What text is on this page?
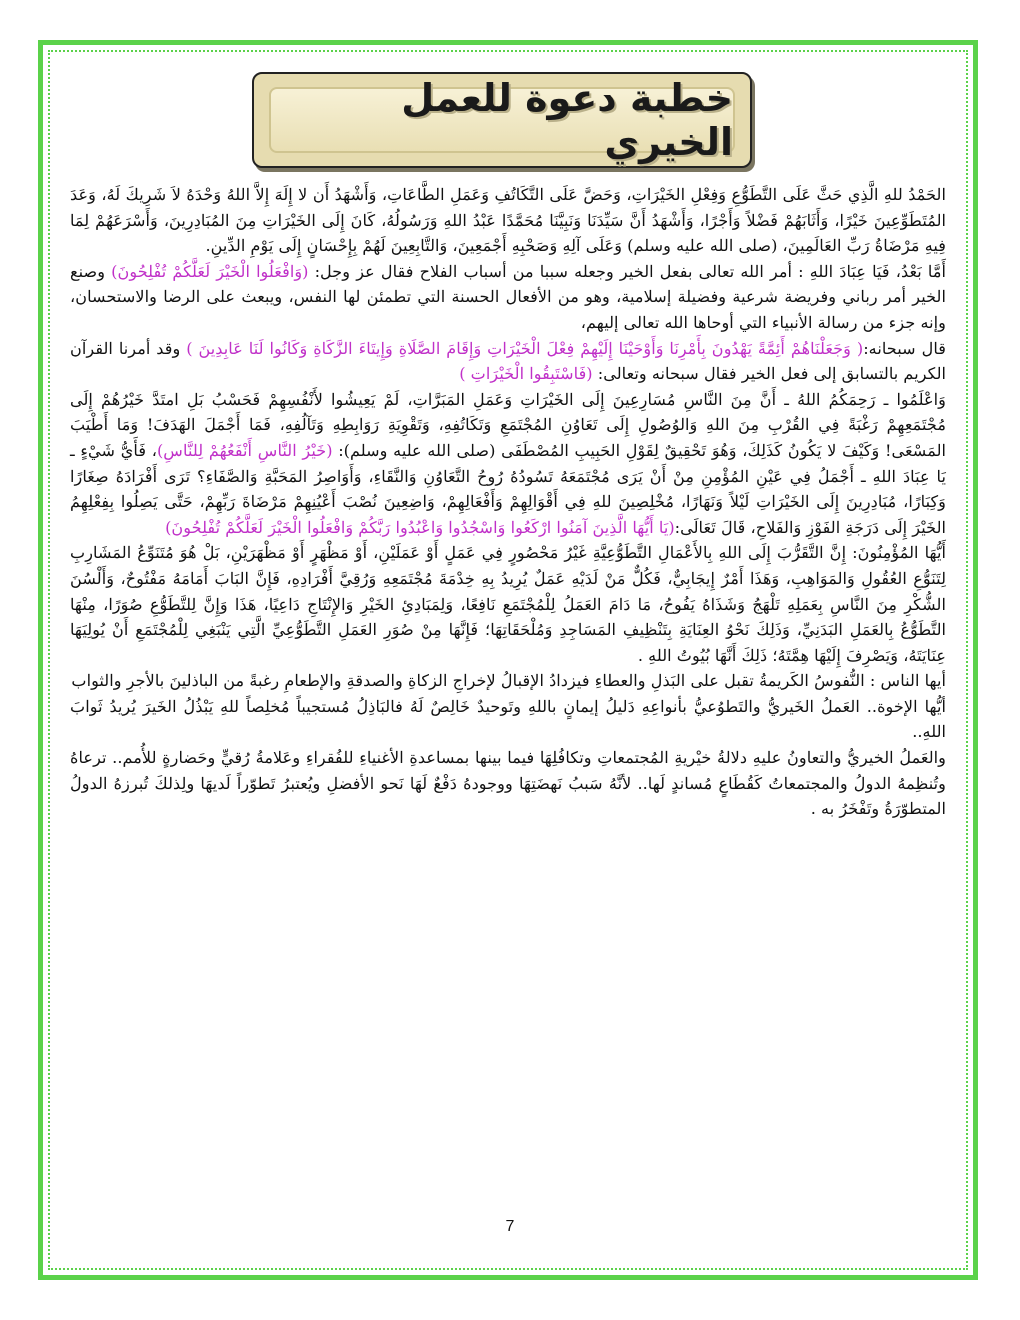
خطبة دعوة للعمل الخيري

الحَمْدُ للهِ الَّذِي حَثَّ عَلَى التَّطَوُّعِ وَفِعْلِ الخَيْرَاتِ، وَحَضَّ عَلَى التَّكَاتُفِ وَعَمَلِ الطَّاعَاتِ، وَأَشْهَدُ أَن لا إِلَهَ إِلاَّ اللهُ وَحْدَهُ لاَ شَرِيكَ لَهُ، وَعَدَ المُتَطَوِّعِينَ خَيْرًا، وَأَثَابَهُمْ فَضْلاً وَأَجْرًا، وَأَشْهَدُ أَنَّ سَيِّدَنَا وَنَبِيَّنَا مُحَمَّدًا عَبْدُ اللهِ وَرَسُولُهُ، كَانَ إِلَى الخَيْرَاتِ مِنَ المُبَادِرِينَ، وَأَسْرَعَهُمْ لِمَا فِيهِ مَرْضَاةُ رَبِّ العَالَمِينَ، (صلى الله عليه وسلم) وَعَلَى آلِهِ وَصَحْبِهِ أَجْمَعِينَ، وَالتَّابِعِينَ لَهُمْ بِإِحْسَانٍ إِلَى يَوْمِ الدِّينِ.

أَمَّا بَعْدُ، فَيَا عِبَادَ اللهِ : أمر الله تعالى بفعل الخير وجعله سببا من أسباب الفلاح فقال عز وجل: (وَافْعَلُوا الْخَيْرَ لَعَلَّكُمْ تُفْلِحُونَ) وصنع الخير أمر رباني وفريضة شرعية وفضيلة إسلامية، وهو من الأفعال الحسنة التي تطمئن لها النفس، ويبعث على الرضا والاستحسان، وإنه جزء من رسالة الأنبياء التي أوحاها الله تعالى إليهم،

قال سبحانه:( وَجَعَلْنَاهُمْ أَئِمَّةً يَهْدُونَ بِأَمْرِنَا وَأَوْحَيْنَا إِلَيْهِمْ فِعْلَ الْخَيْرَاتِ وَإِقَامَ الصَّلَاةِ وَإِيتَاءَ الزَّكَاةِ وَكَانُوا لَنَا عَابِدِينَ ) وقد أمرنا القرآن الكريم بالتسابق إلى فعل الخير فقال سبحانه وتعالى: (فَاسْتَبِقُوا الْخَيْرَاتِ )

وَاعْلَمُوا ـ رَحِمَكُمُ اللهُ ـ أَنَّ مِنَ النَّاسِ مُسَارِعِينَ إِلَى الخَيْرَاتِ وَعَمَلِ المَبَرَّاتِ، لَمْ يَعِيشُوا لأَنْفُسِهِمْ فَحَسْبُ بَلِ امتَدَّ خَيْرُهُمْ إِلَى مُجْتَمَعِهِمْ رَغْبَةً فِي القُرْبِ مِنَ اللهِ وَالوُصُولِ إِلَى تَعَاوُنِ المُجْتَمَعِ وَتَكَاتُفِهِ، وَتَقْوِيَةِ رَوَابِطِهِ وَتَآلُفِهِ، فَمَا أَجْمَلَ الهَدَفَ! وَمَا أَطْيَبَ المَسْعَى! وَكَيْفَ لا يَكُونُ كَذَلِكَ، وَهُوَ تَحْقِيقٌ لِقَوْلِ الحَبِيبِ المُصْطَفَى (صلى الله عليه وسلم): (خَيْرُ النَّاسِ أَنْفَعُهُمْ لِلنَّاسِ)، فَأَيُّ شَيْءٍ ـ يَا عِبَادَ اللهِ ـ أَجْمَلُ فِي عَيْنِ المُؤْمِنِ مِنْ أَنْ يَرَى مُجْتَمَعَهُ تَسُودُهُ رُوحُ التَّعَاوُنِ وَالنَّقَاءِ، وَأَوَاصِرُ المَحَبَّةِ وَالصَّفَاءِ؟ تَرَى أَفْرَادَهُ صِغَارًا وَكِبَارًا، مُبَادِرِينَ إِلَى الخَيْرَاتِ لَيْلاً وَنَهَارًا، مُخْلِصِينَ للهِ فِي أَقْوَالِهِمْ وَأَفْعَالِهِمْ، وَاضِعِينَ نُصْبَ أَعْيُنِهِمْ مَرْضَاةَ رَبِّهِمْ، حَتَّى يَصِلُوا بِفِعْلِهِمُ الخَيْرَ إِلَى دَرَجَةِ الفَوْزِ وَالفَلاحِ، قَالَ تَعَالَى:(يَا أَيُّهَا الَّذِينَ آمَنُوا ارْكَعُوا وَاسْجُدُوا وَاعْبُدُوا رَبَّكُمْ وَافْعَلُوا الْخَيْرَ لَعَلَّكُمْ تُفْلِحُونَ)

أَيُّهَا المُؤْمِنُونَ: إِنَّ التَّقَرُّبَ إِلَى اللهِ بِالأَعْمَالِ التَّطَوُّعِيَّةِ غَيْرُ مَحْصُورٍ فِي عَمَلٍ أَوْ عَمَلَيْنِ، أَوْ مَظْهَرٍ أَوْ مَظْهَرَيْنِ، بَلْ هُوَ مُتَنَوِّعُ المَشَارِبِ لِتَنَوُّعِ العُقُولِ وَالمَوَاهِبِ، وَهَذَا أَمْرٌ إِيجَابِيٌّ، فَكُلٌّ مَنْ لَدَيْهِ عَمَلٌ يُرِيدُ بِهِ خِدْمَةَ مُجْتَمَعِهِ وَرُقِيَّ أَفْرَادِهِ، فَإِنَّ البَابَ أَمَامَهُ مَفْتُوحٌ، وَأَلْسُنَ الشُّكْرِ مِنَ النَّاسِ بِعَمَلِهِ تَلْهَجُ وَشَذَاهُ يَفُوحُ، مَا دَامَ العَمَلُ لِلْمُجْتَمَعِ نَافِعًا، وَلِمَبَادِئِ الخَيْرِ وَالإِنْتَاجِ دَاعِيًا، هَذَا وَإِنَّ لِلتَّطَوُّعِ صُوَرًا، مِنْهَا التَّطَوُّعُ بِالعَمَلِ البَدَنِيِّ، وَذَلِكَ نَحْوُ العِنَايَةِ بِتَنْظِيفِ المَسَاجِدِ وَمُلْحَقَاتِهَا؛ فَإِنَّهَا مِنْ صُوَرِ العَمَلِ التَّطَوُّعِيِّ الَّتِي يَنْبَغِي لِلْمُجْتَمَعِ أَنْ يُولِيَهَا عِنَايَتَهُ، وَيَصْرِفَ إِلَيْهَا هِمَّتَهُ؛ ذَلِكَ أَنَّهَا بُيُوتُ اللهِ .

أيها الناس : النُّفوسُ الكَريمةُ تقبل على البَذلِ والعطاءِ فيزدادُ الإقبالُ لإخراجِ الزكاةِ والصدقةِ والإطعامِ رغبةً من الباذلينَ بالأجرِ والثواب

أيُّها الإخوة.. العَملُ الخَيريُّ والتَطوُعيُّ بأنواعِهِ دَليلُ إيمانٍ باللهِ وتَوحيدٌ خَالِصٌ لَهُ فالبَاذِلُ مُستجيباً مُخلِصاً للهِ يَبْذُلُ الخَيرَ يُريدُ ثَوابَ اللهِ..

والعَملُ الخيريُّ والتعاونُ عليهِ دلالةُ خيْريةِ المُجتمعاتِ وتكافُلِهَا فيما بينها بمساعدةِ الأغنياءِ للفُقراءِ وعَلامةُ رُقيٍّ وحَضارةٍ للأُمم.. ترعاهُ وتُنظِمهُ الدولُ والمجتمعاتُ كَقُطَاعٍ مُساندٍ لَها.. لأنَّهُ سَببُ نَهضَتِهَا ووجودهُ دَفْعٌ لَهَا نَحو الأفضلِ ويُعتبرُ تَطوّراً لَديهَا ولِذلكَ تُبرزهُ الدولُ المتطوّرَةُ وتَفْخَرُ به .

7
